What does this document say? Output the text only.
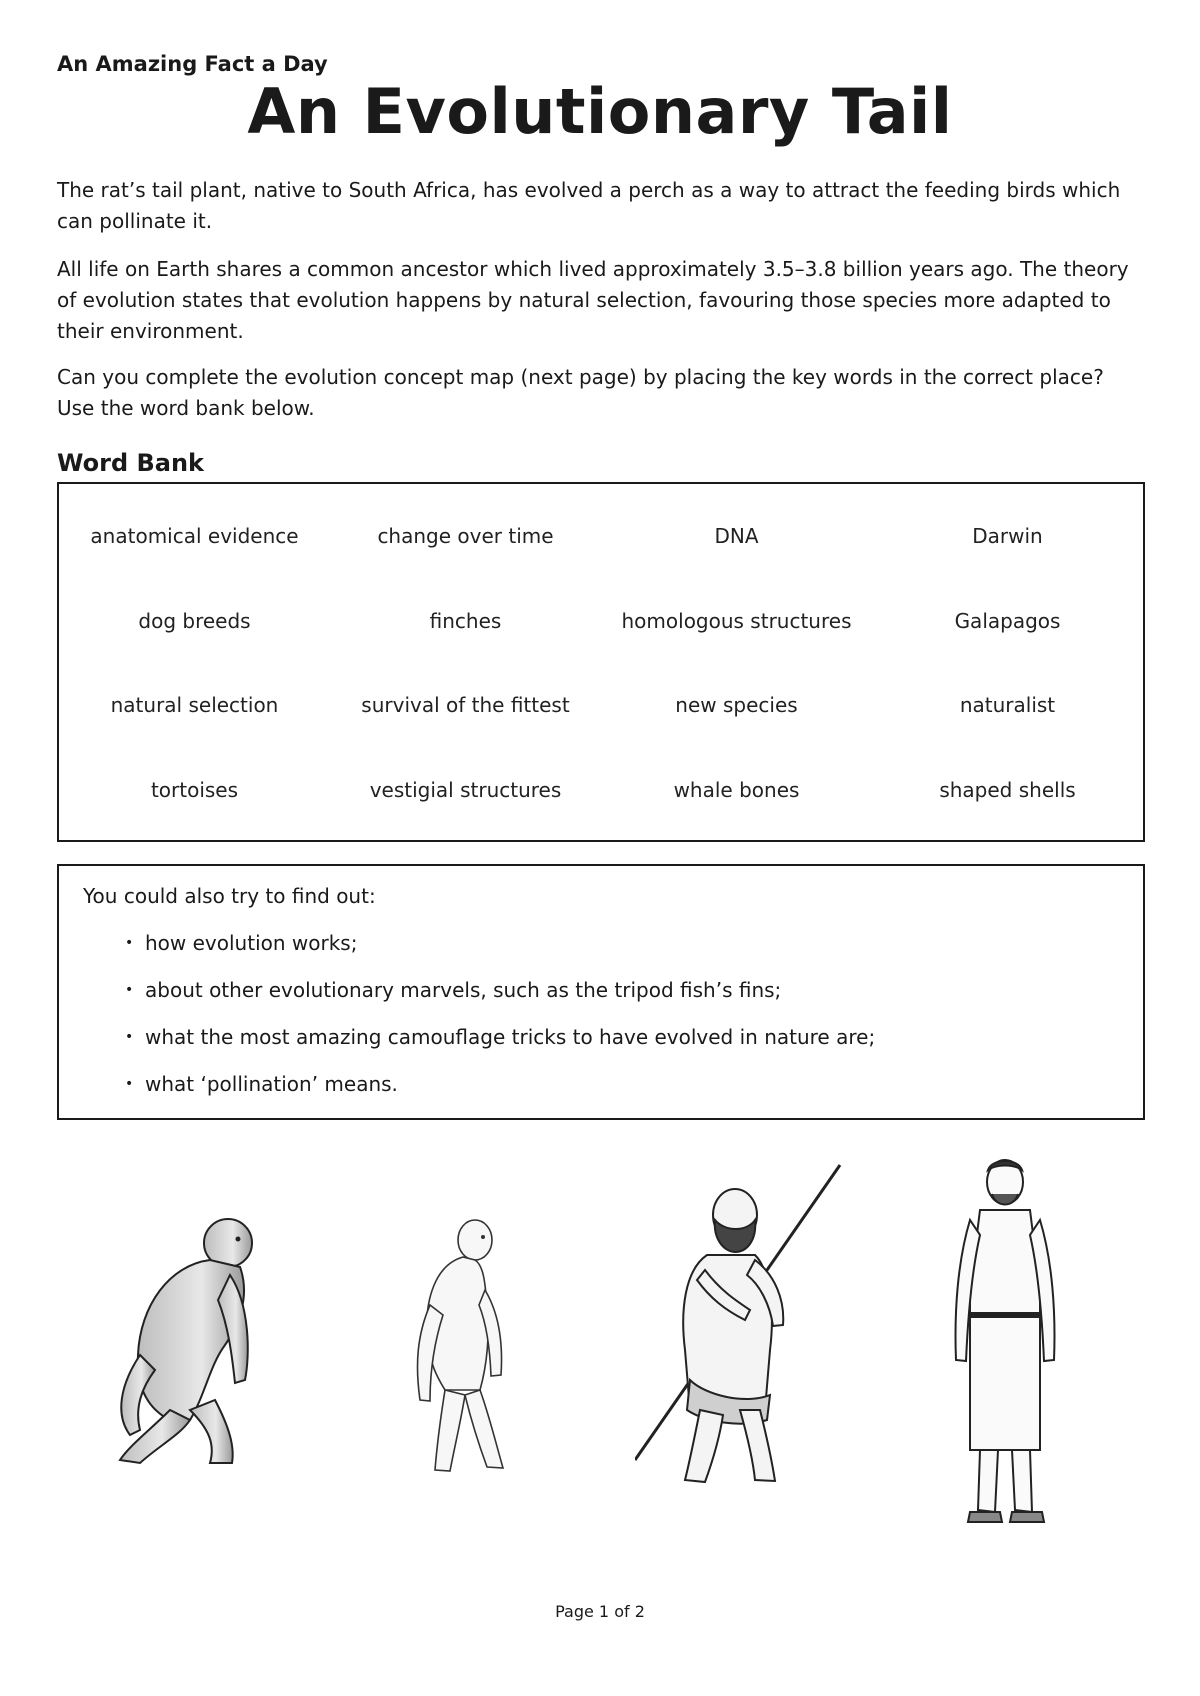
An Amazing Fact a Day
An Evolutionary Tail

The rat’s tail plant, native to South Africa, has evolved a perch as a way to attract the feeding birds which can pollinate it.

All life on Earth shares a common ancestor which lived approximately 3.5–3.8 billion years ago. The theory of evolution states that evolution happens by natural selection, favouring those species more adapted to their environment.

Can you complete the evolution concept map (next page) by placing the key words in the correct place? Use the word bank below.

Word Bank
anatomical evidence	change over time	DNA	Darwin
dog breeds	finches	homologous structures	Galapagos
natural selection	survival of the fittest	new species	naturalist
tortoises	vestigial structures	whale bones	shaped shells

You could also try to find out:

• how evolution works;
• about other evolutionary marvels, such as the tripod fish’s fins;
• what the most amazing camouflage tricks to have evolved in nature are;
• what ‘pollination’ means.
Page 1 of 2
